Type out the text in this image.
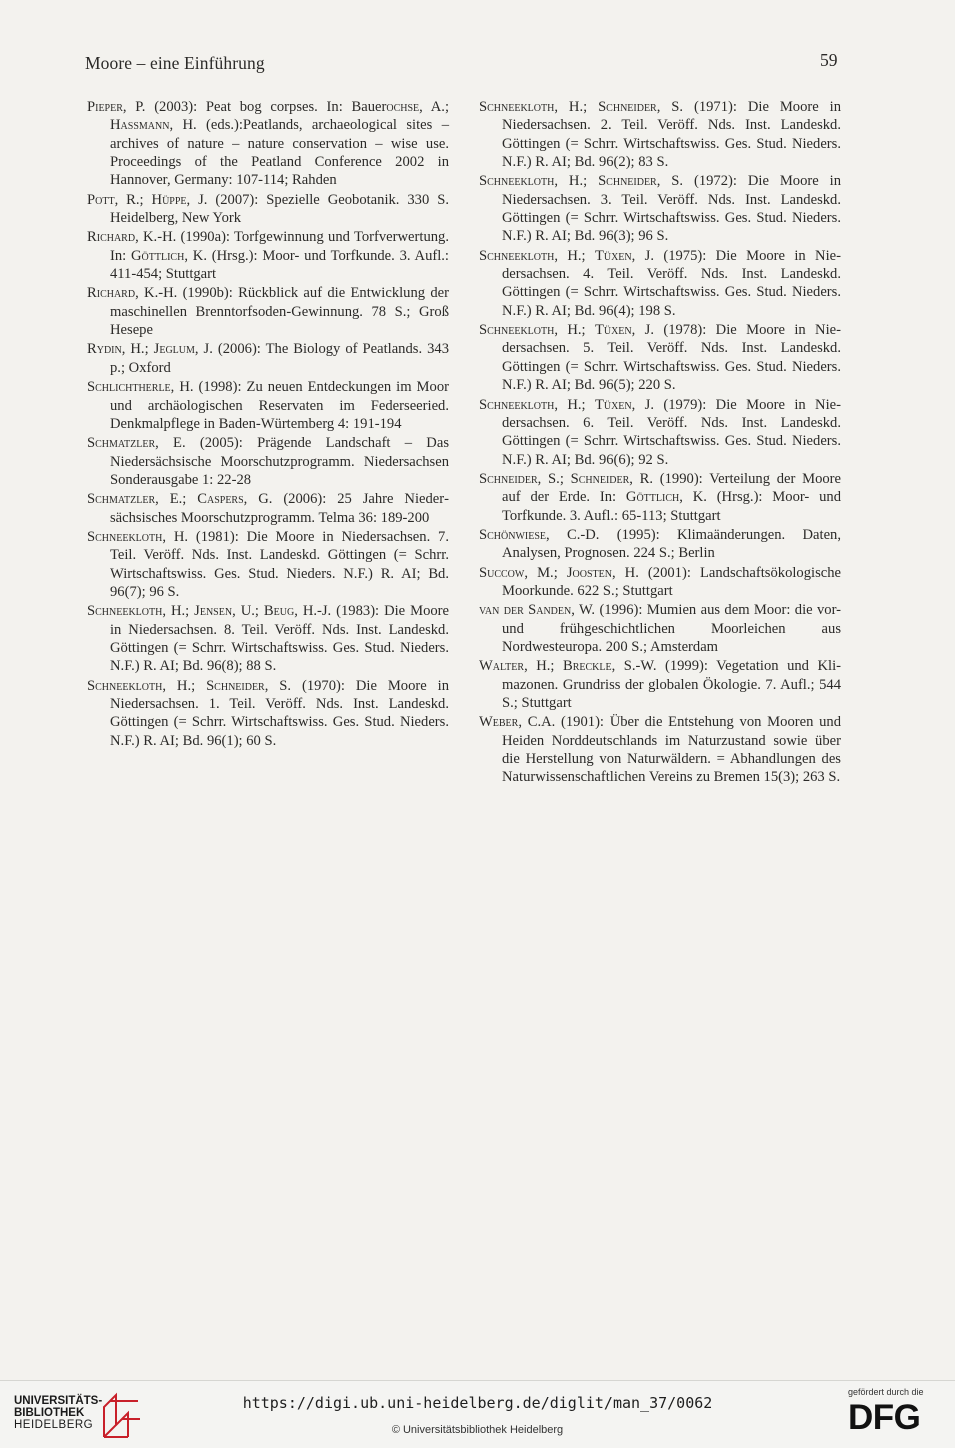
Moore – eine Einführung	59

Pieper, P. (2003): Peat bog corpses. In: Bauerochse, A.; Hassmann, H. (eds.):Peatlands, archaeological sites – archives of nature – nature conservation – wise use. Proceedings of the Peatland Conference 2002 in Hannover, Germany: 107-114; Rahden

Pott, R.; Hüppe, J. (2007): Spezielle Geobotanik. 330 S. Heidelberg, New York

Richard, K.-H. (1990a): Torfgewinnung und Torfverwertung. In: Göttlich, K. (Hrsg.): Moor- und Torfkunde. 3. Aufl.: 411-454; Stuttgart

Richard, K.-H. (1990b): Rückblick auf die Entwicklung der maschinellen Brenntorfsoden-Gewinnung. 78 S.; Groß Hesepe

Rydin, H.; Jeglum, J. (2006): The Biology of Peatlands. 343 p.; Oxford

Schlichtherle, H. (1998): Zu neuen Entdeckungen im Moor und archäologischen Reservaten im Federseeried. Denkmalpflege in Baden-Würtemberg 4: 191-194

Schmatzler, E. (2005): Prägende Landschaft – Das Niedersächsische Moorschutzprogramm. Niedersachsen Sonderausgabe 1: 22-28

Schmatzler, E.; Caspers, G. (2006): 25 Jahre Niedersächsisches Moorschutzprogramm. Telma 36: 189-200

Schneekloth, H. (1981): Die Moore in Niedersachsen. 7. Teil. Veröff. Nds. Inst. Landeskd. Göttingen (= Schrr. Wirtschaftswiss. Ges. Stud. Nieders. N.F.) R. AI; Bd. 96(7); 96 S.

Schneekloth, H.; Jensen, U.; Beug, H.-J. (1983): Die Moore in Niedersachsen. 8. Teil. Veröff. Nds. Inst. Landeskd. Göttingen (= Schrr. Wirtschaftswiss. Ges. Stud. Nieders. N.F.) R. AI; Bd. 96(8); 88 S.

Schneekloth, H.; Schneider, S. (1970): Die Moore in Niedersachsen. 1. Teil. Veröff. Nds. Inst. Landeskd. Göttingen (= Schrr. Wirtschaftswiss. Ges. Stud. Nieders. N.F.) R. AI; Bd. 96(1); 60 S.

Schneekloth, H.; Schneider, S. (1971): Die Moore in Niedersachsen. 2. Teil. Veröff. Nds. Inst. Landeskd. Göttingen (= Schrr. Wirtschaftswiss. Ges. Stud. Nieders. N.F.) R. AI; Bd. 96(2); 83 S.

Schneekloth, H.; Schneider, S. (1972): Die Moore in Niedersachsen. 3. Teil. Veröff. Nds. Inst. Landeskd. Göttingen (= Schrr. Wirtschaftswiss. Ges. Stud. Nieders. N.F.) R. AI; Bd. 96(3); 96 S.

Schneekloth, H.; Tüxen, J. (1975): Die Moore in Niedersachsen. 4. Teil. Veröff. Nds. Inst. Landeskd. Göttingen (= Schrr. Wirtschaftswiss. Ges. Stud. Nieders. N.F.) R. AI; Bd. 96(4); 198 S.

Schneekloth, H.; Tüxen, J. (1978): Die Moore in Niedersachsen. 5. Teil. Veröff. Nds. Inst. Landeskd. Göttingen (= Schrr. Wirtschaftswiss. Ges. Stud. Nieders. N.F.) R. AI; Bd. 96(5); 220 S.

Schneekloth, H.; Tüxen, J. (1979): Die Moore in Niedersachsen. 6. Teil. Veröff. Nds. Inst. Landeskd. Göttingen (= Schrr. Wirtschaftswiss. Ges. Stud. Nieders. N.F.) R. AI; Bd. 96(6); 92 S.

Schneider, S.; Schneider, R. (1990): Verteilung der Moore auf der Erde. In: Göttlich, K. (Hrsg.): Moor- und Torfkunde. 3. Aufl.: 65-113; Stuttgart

Schönwiese, C.-D. (1995): Klimaänderungen. Daten, Analysen, Prognosen. 224 S.; Berlin

Succow, M.; Joosten, H. (2001): Landschaftsökologische Moorkunde. 622 S.; Stuttgart

van der Sanden, W. (1996): Mumien aus dem Moor: die vor- und frühgeschichtlichen Moorleichen aus Nordwesteuropa. 200 S.; Amsterdam

Walter, H.; Breckle, S.-W. (1999): Vegetation und Klimazonen. Grundriss der globalen Ökologie. 7. Aufl.; 544 S.; Stuttgart

Weber, C.A. (1901): Über die Entstehung von Mooren und Heiden Norddeutschlands im Naturzustand sowie über die Herstellung von Naturwäldern. = Abhandlungen des Naturwissenschaftlichen Vereins zu Bremen 15(3); 263 S.

UNIVERSITÄTS-
BIBLIOTHEK
HEIDELBERG
https://digi.ub.uni-heidelberg.de/diglit/man_37/0062
© Universitätsbibliothek Heidelberg
gefördert durch die
DFG
